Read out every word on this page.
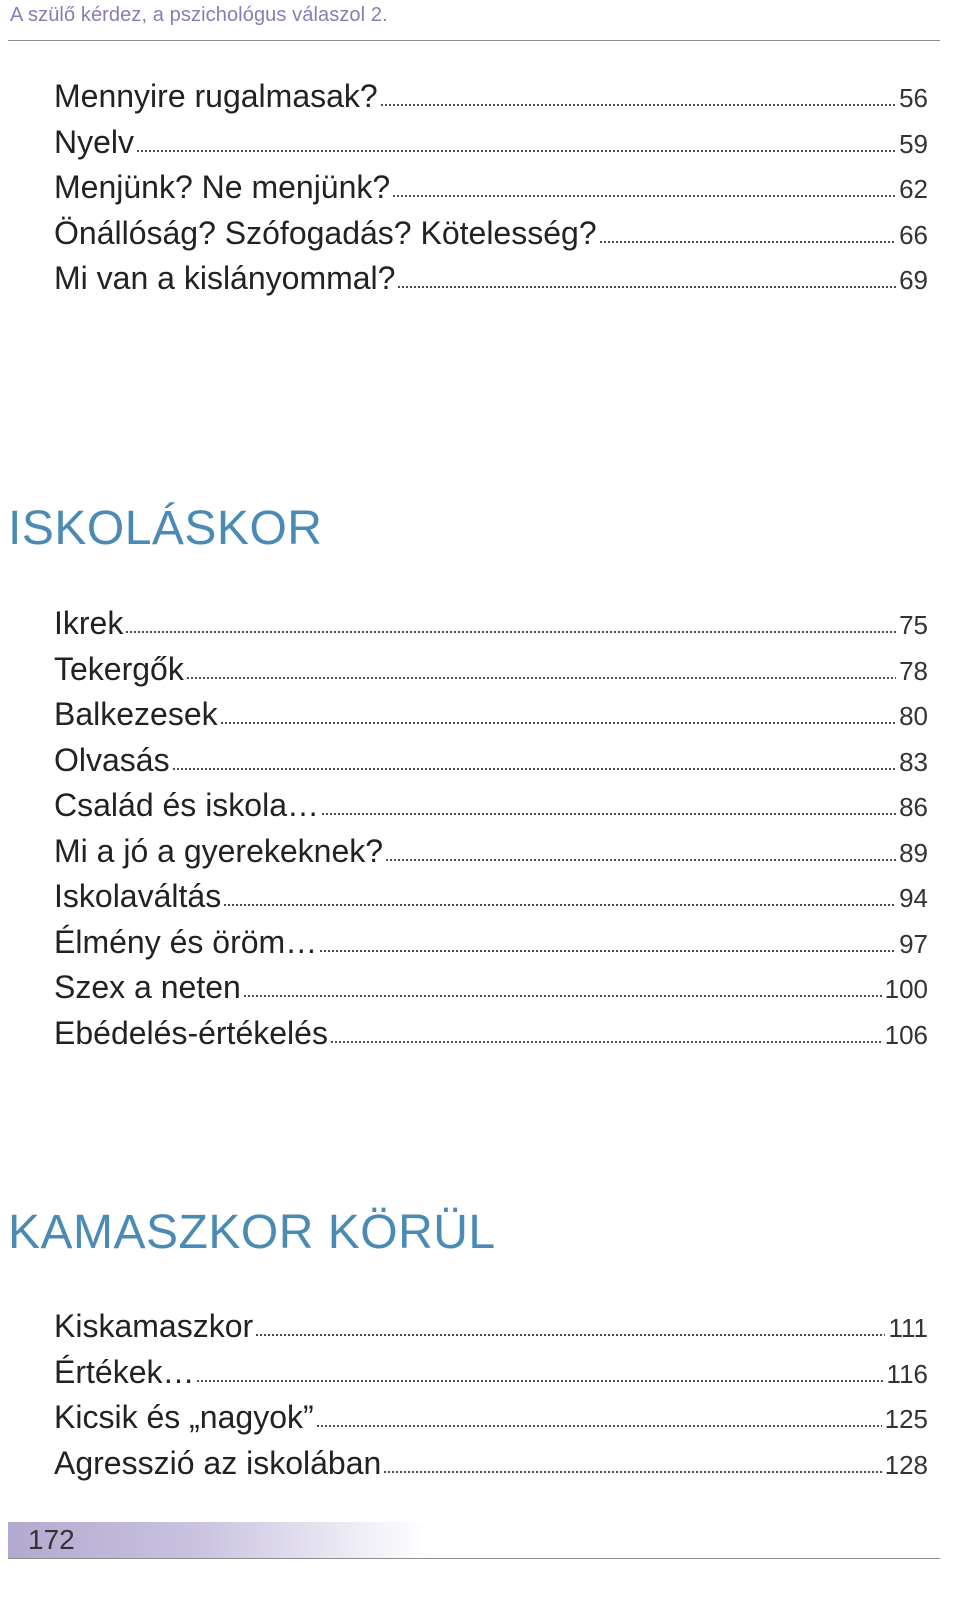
A szülő kérdez, a pszichológus válaszol 2.
Mennyire rugalmasak?	56
Nyelv	59
Menjünk? Ne menjünk?	62
Önállóság? Szófogadás? Kötelesség?	66
Mi van a kislányommal?	69
ISKOLÁSKOR
Ikrek	75
Tekergők	78
Balkezesek	80
Olvasás	83
Család és iskola…	86
Mi a jó a gyerekeknek?	89
Iskolaváltás	94
Élmény és öröm…	97
Szex a neten	100
Ebédelés-értékelés	106
KAMASZKOR KÖRÜL
Kiskamaszkor	111
Értékek…	116
Kicsik és „nagyok”	125
Agresszió az iskolában	128
172
